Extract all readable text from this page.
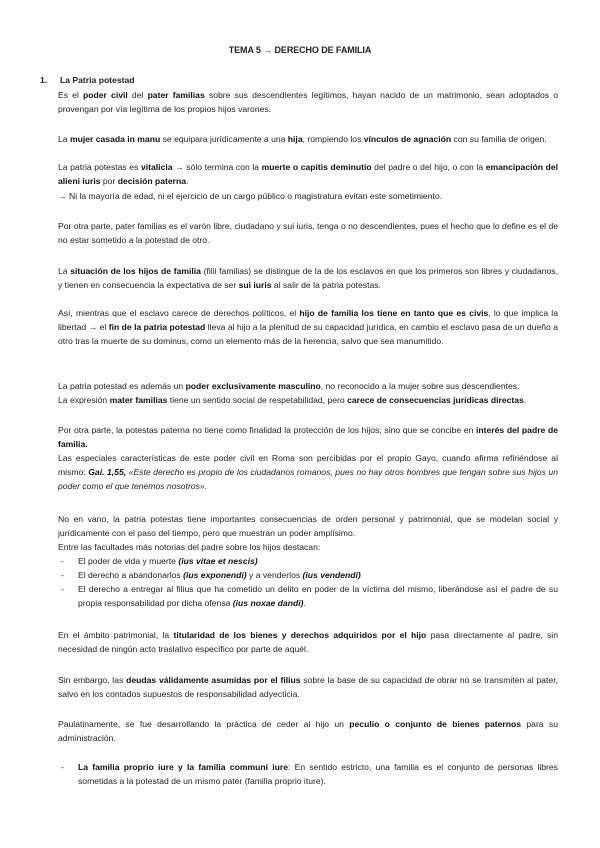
TEMA 5 → DERECHO DE FAMILIA
1. La Patria potestad

Es el poder civil del pater familias sobre sus descendientes legítimos, hayan nacido de un matrimonio, sean adoptados o provengan por vía legítima de los propios hijos varones.

La mujer casada in manu se equipara jurídicamente a una hija, rompiendo los vínculos de agnación con su familia de origen.

La patria potestas es vitalicia → sólo termina con la muerte o capitis deminutio del padre o del hijo, o con la emancipación del alieni iuris por decisión paterna.

→ Ni la mayoría de edad, ni el ejercicio de un cargo público o magistratura evitan este sometimiento.

Por otra parte, pater familias es el varón libre, ciudadano y sui iuris, tenga o no descendientes, pues el hecho que lo define es el de no estar sometido a la potestad de otro.

La situación de los hijos de familia (filii familias) se distingue de la de los esclavos en que los primeros son libres y ciudadanos, y tienen en consecuencia la expectativa de ser sui iuris al salir de la patria potestas.

Así, mientras que el esclavo carece de derechos políticos, el hijo de familia los tiene en tanto que es civis, lo que implica la libertad → el fin de la patria potestad lleva al hijo a la plenitud de su capacidad jurídica, en cambio el esclavo pasa de un dueño a otro tras la muerte de su dominus, como un elemento más de la herencia, salvo que sea manumitido.

La patria potestad es además un poder exclusivamente masculino, no reconocido a la mujer sobre sus descendientes.

La expresión mater familias tiene un sentido social de respetabilidad, pero carece de consecuencias jurídicas directas.

Por otra parte, la potestas paterna no tiene como finalidad la protección de los hijos, sino que se concibe en interés del padre de familia.

Las especiales características de este poder civil en Roma son percibidas por el propio Gayo, cuando afirma refiriéndose al mismo: Gai. 1,55, «Este derecho es propio de los ciudadanos romanos, pues no hay otros hombres que tengan sobre sus hijos un poder como el que tenemos nosotros».

No en vano, la patria potestas tiene importantes consecuencias de orden personal y patrimonial, que se modelan social y jurídicamente con el paso del tiempo, pero que muestran un poder amplísimo.

Entre las facultades más notorias del padre sobre los hijos destacan:

- El poder de vida y muerte (ius vitae et nescis)
- El derecho a abandonarlos (ius exponendi) y a venderlos (ius vendendi)
- El derecho a entregar al filius que ha cometido un delito en poder de la víctima del mismo, liberándose así el padre de su propia responsabilidad por dicha ofensa (ius noxae dandi).

En el ámbito patrimonial, la titularidad de los bienes y derechos adquiridos por el hijo pasa directamente al padre, sin necesidad de ningún acto traslativo específico por parte de aquél.

Sin embargo, las deudas válidamente asumidas por el filius sobre la base de su capacidad de obrar no se transmiten al pater, salvo en los contados supuestos de responsabilidad adyecticia.

Paulatinamente, se fue desarrollando la práctica de ceder al hijo un peculio o conjunto de bienes paternos para su administración.

- La familia proprio iure y la familia communi iure: En sentido estricto, una familia es el conjunto de personas libres sometidas a la potestad de un mismo pater (familia proprio iture).
